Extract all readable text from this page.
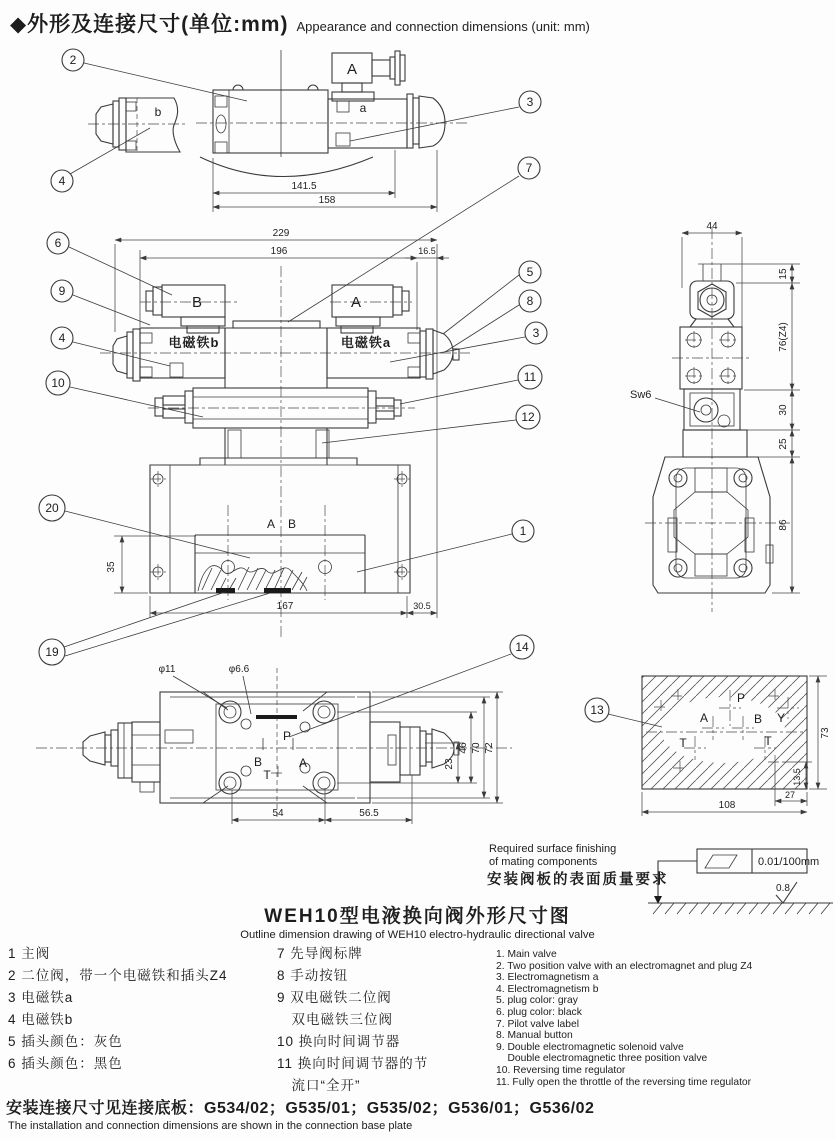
◆外形及连接尺寸(单位:mm) Appearance and connection dimensions (unit: mm)
b
A
a
141.5
158
2
4
3
7
229
196	16.5
B	A
电磁铁b	电磁铁a
A B
35
167	30.5
6
9
4
10
20
19
5
8
3
11
12
1
44
15
76(Z4)
30
25
86
Sw6
φ11	φ6.6
P
B	A
T
23
46 70 72
54	56.5
14
P
A	B Y
T	T
73
13.5
27
108
13
Required surface finishing
of mating components
安装阀板的表面质量要求
0.01/100mm
0.8
WEH10型电液换向阀外形尺寸图
Outline dimension drawing of WEH10 electro-hydraulic directional valve
1 主阀
2 二位阀，带一个电磁铁和插头Z4
3 电磁铁a
4 电磁铁b
5 插头颜色：灰色
6 插头颜色：黑色
7 先导阀标牌
8 手动按钮
9 双电磁铁二位阀
　双电磁铁三位阀
10 换向时间调节器
11 换向时间调节器的节
　流口“全开”
1. Main valve
2. Two position valve with an electromagnet and plug Z4
3. Electromagnetism a
4. Electromagnetism b
5. plug color: gray
6. plug color: black
7. Pilot valve label
8. Manual button
9. Double electromagnetic solenoid valve
Double electromagnetic three position valve
10. Reversing time regulator
11. Fully open the throttle of the reversing time regulator
安装连接尺寸见连接底板：G534/02；G535/01；G535/02；G536/01；G536/02
The installation and connection dimensions are shown in the connection base plate
